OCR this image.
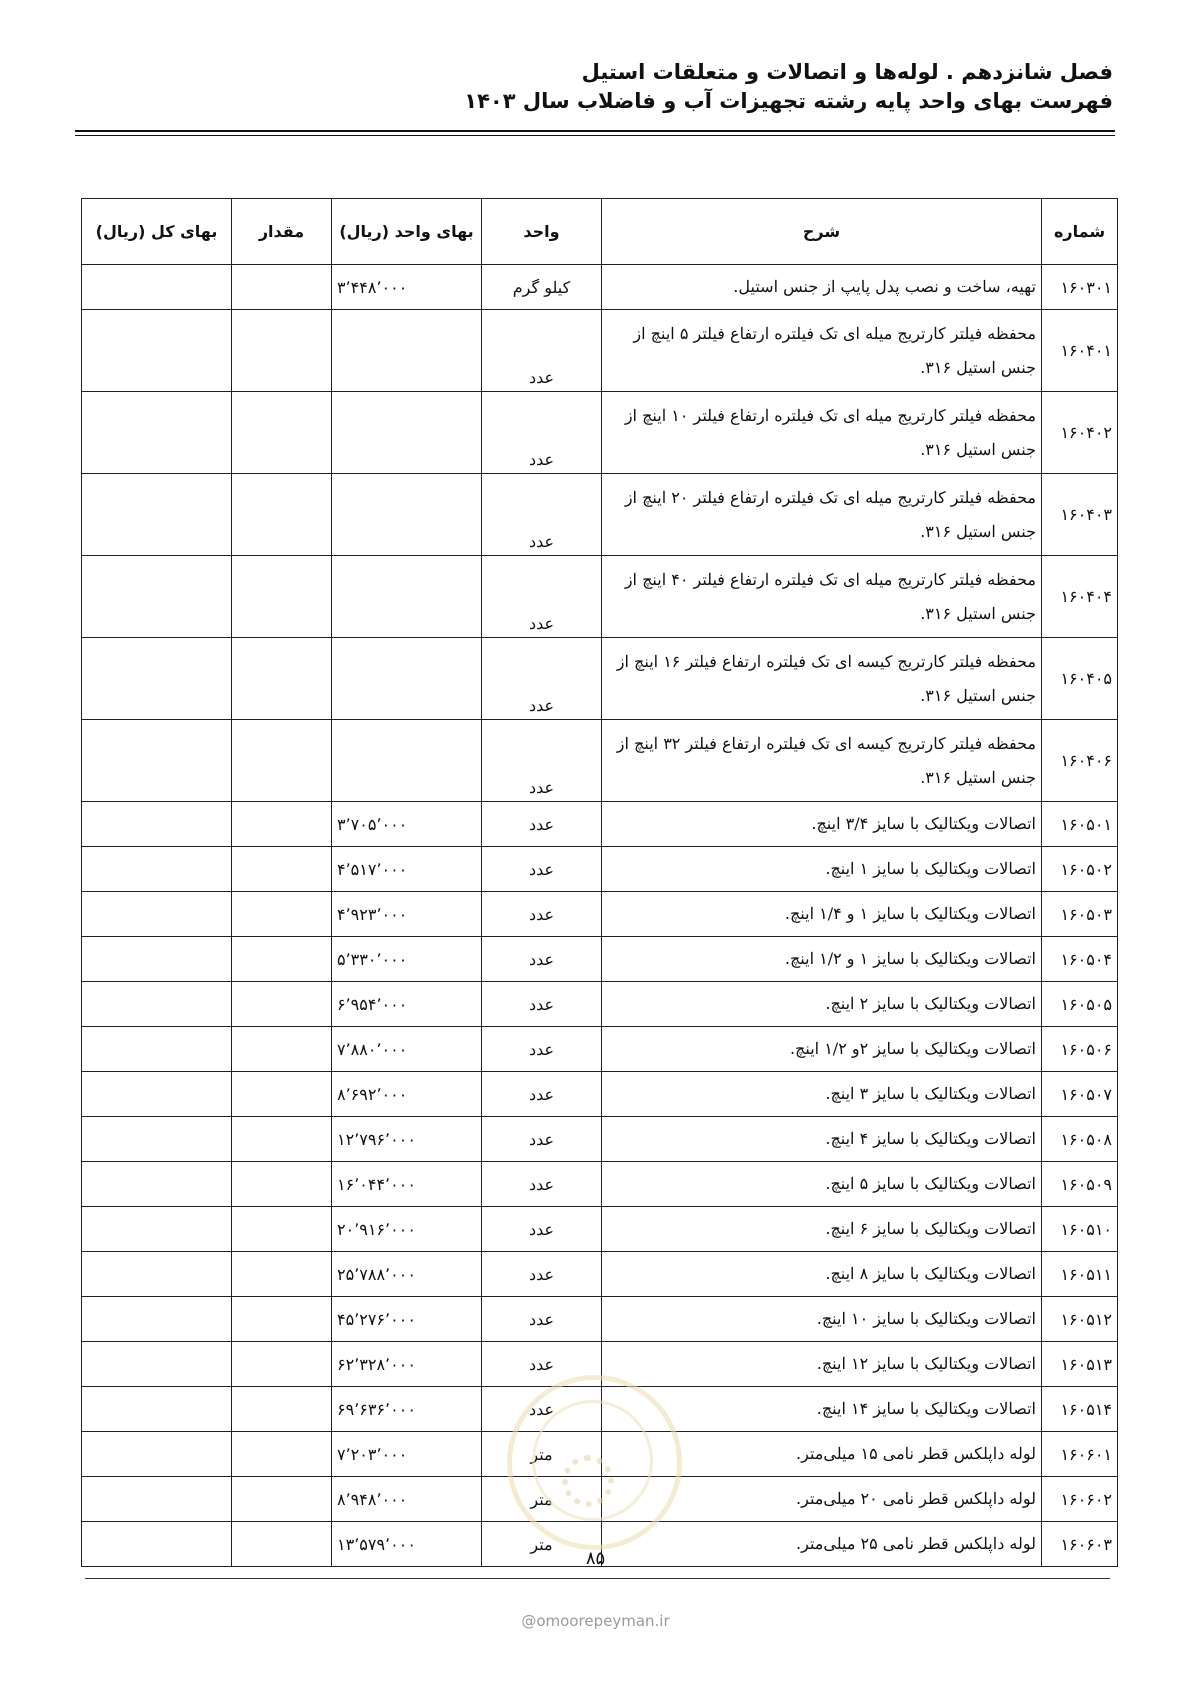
فصل شانزدهم . لوله‌ها و اتصالات و متعلقات استیل
فهرست بهای واحد پایه رشته تجهیزات آب و فاضلاب سال ۱۴۰۳
شماره	شرح	واحد	بهای واحد (ریال)	مقدار	بهای کل (ریال)
۱۶۰۳۰۱	تهیه، ساخت و نصب پدل پایپ از جنس استیل.	کیلو گرم	۳٬۴۴۸٬۰۰۰		
۱۶۰۴۰۱	محفظه فیلتر کارتریج میله ای تک فیلتره ارتفاع فیلتر ۵ اینچ از جنس استیل ۳۱۶.	عدد			
۱۶۰۴۰۲	محفظه فیلتر کارتریج میله ای تک فیلتره ارتفاع فیلتر ۱۰ اینچ از جنس استیل ۳۱۶.	عدد			
۱۶۰۴۰۳	محفظه فیلتر کارتریج میله ای تک فیلتره ارتفاع فیلتر ۲۰ اینچ از جنس استیل ۳۱۶.	عدد			
۱۶۰۴۰۴	محفظه فیلتر کارتریج میله ای تک فیلتره ارتفاع فیلتر ۴۰ اینچ از جنس استیل ۳۱۶.	عدد			
۱۶۰۴۰۵	محفظه فیلتر کارتریج کیسه ای تک فیلتره ارتفاع فیلتر ۱۶ اینچ از جنس استیل ۳۱۶.	عدد			
۱۶۰۴۰۶	محفظه فیلتر کارتریج کیسه ای تک فیلتره ارتفاع فیلتر ۳۲ اینچ از جنس استیل ۳۱۶.	عدد			
۱۶۰۵۰۱	اتصالات ویکتالیک با سایز ۳/۴ اینچ.	عدد	۳٬۷۰۵٬۰۰۰		
۱۶۰۵۰۲	اتصالات ویکتالیک با سایز ۱ اینچ.	عدد	۴٬۵۱۷٬۰۰۰		
۱۶۰۵۰۳	اتصالات ویکتالیک با سایز ۱ و ۱/۴ اینچ.	عدد	۴٬۹۲۳٬۰۰۰		
۱۶۰۵۰۴	اتصالات ویکتالیک با سایز ۱ و ۱/۲ اینچ.	عدد	۵٬۳۳۰٬۰۰۰		
۱۶۰۵۰۵	اتصالات ویکتالیک با سایز ۲ اینچ.	عدد	۶٬۹۵۴٬۰۰۰		
۱۶۰۵۰۶	اتصالات ویکتالیک با سایز ۲و ۱/۲ اینچ.	عدد	۷٬۸۸۰٬۰۰۰		
۱۶۰۵۰۷	اتصالات ویکتالیک با سایز ۳ اینچ.	عدد	۸٬۶۹۲٬۰۰۰		
۱۶۰۵۰۸	اتصالات ویکتالیک با سایز ۴ اینچ.	عدد	۱۲٬۷۹۶٬۰۰۰		
۱۶۰۵۰۹	اتصالات ویکتالیک با سایز ۵ اینچ.	عدد	۱۶٬۰۴۴٬۰۰۰		
۱۶۰۵۱۰	اتصالات ویکتالیک با سایز ۶ اینچ.	عدد	۲۰٬۹۱۶٬۰۰۰		
۱۶۰۵۱۱	اتصالات ویکتالیک با سایز ۸ اینچ.	عدد	۲۵٬۷۸۸٬۰۰۰		
۱۶۰۵۱۲	اتصالات ویکتالیک با سایز ۱۰ اینچ.	عدد	۴۵٬۲۷۶٬۰۰۰		
۱۶۰۵۱۳	اتصالات ویکتالیک با سایز ۱۲ اینچ.	عدد	۶۲٬۳۲۸٬۰۰۰		
۱۶۰۵۱۴	اتصالات ویکتالیک با سایز ۱۴ اینچ.	عدد	۶۹٬۶۳۶٬۰۰۰		
۱۶۰۶۰۱	لوله داپلکس قطر نامی ۱۵ میلی‌متر.	متر	۷٬۲۰۳٬۰۰۰		
۱۶۰۶۰۲	لوله داپلکس قطر نامی ۲۰ میلی‌متر.	متر	۸٬۹۴۸٬۰۰۰		
۱۶۰۶۰۳	لوله داپلکس قطر نامی ۲۵ میلی‌متر.	متر	۱۳٬۵۷۹٬۰۰۰		
۸۵
@omoorepeyman.ir
